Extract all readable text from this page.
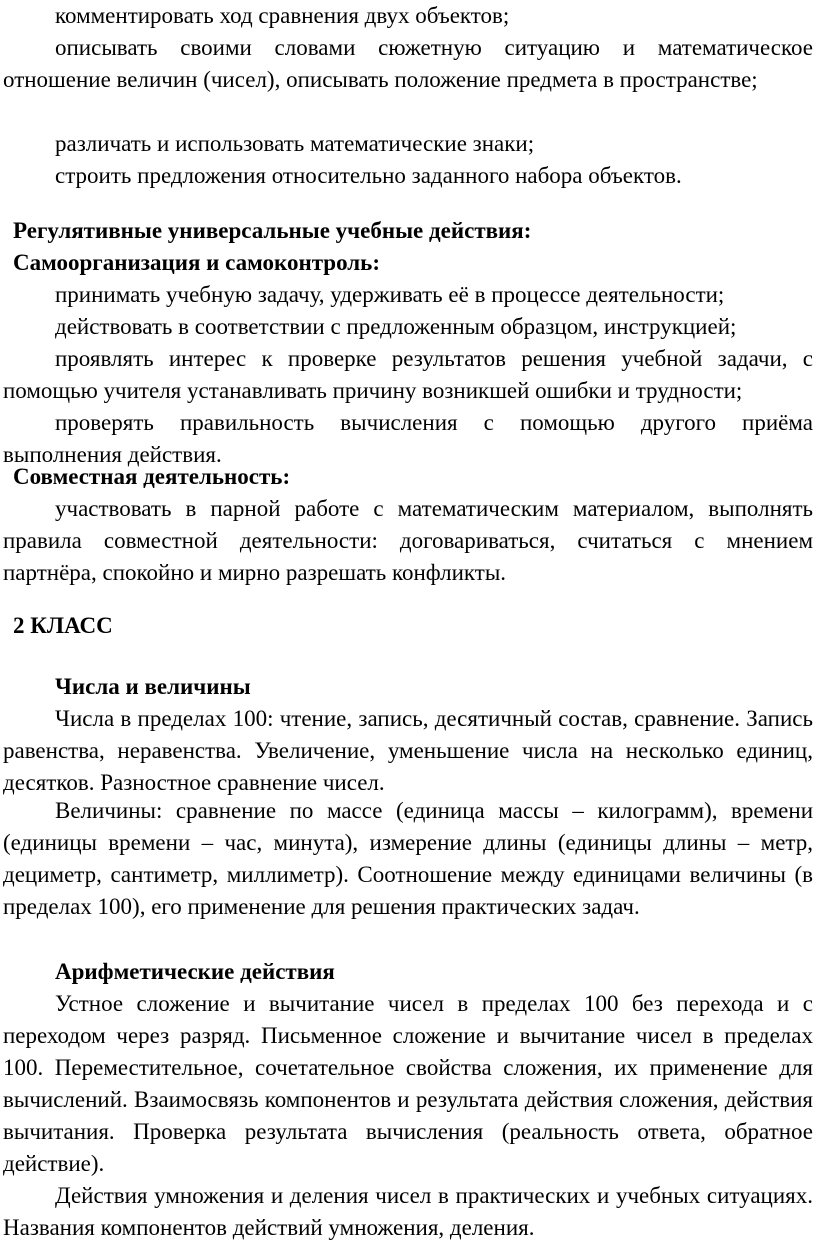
комментировать ход сравнения двух объектов;

описывать своими словами сюжетную ситуацию и математическое отношение величин (чисел), описывать положение предмета в пространстве;

различать и использовать математические знаки;

строить предложения относительно заданного набора объектов.

Регулятивные универсальные учебные действия:

Самоорганизация и самоконтроль:

принимать учебную задачу, удерживать её в процессе деятельности;

действовать в соответствии с предложенным образцом, инструкцией;

проявлять интерес к проверке результатов решения учебной задачи, с помощью учителя устанавливать причину возникшей ошибки и трудности;

проверять правильность вычисления с помощью другого приёма выполнения действия.

Совместная деятельность:

участвовать в парной работе с математическим материалом, выполнять правила совместной деятельности: договариваться, считаться с мнением партнёра, спокойно и мирно разрешать конфликты.

2 КЛАСС

Числа и величины

Числа в пределах 100: чтение, запись, десятичный состав, сравнение. Запись равенства, неравенства. Увеличение, уменьшение числа на несколько единиц, десятков. Разностное сравнение чисел.

Величины: сравнение по массе (единица массы – килограмм), времени (единицы времени – час, минута), измерение длины (единицы длины – метр, дециметр, сантиметр, миллиметр). Соотношение между единицами величины (в пределах 100), его применение для решения практических задач.

Арифметические действия

Устное сложение и вычитание чисел в пределах 100 без перехода и с переходом через разряд. Письменное сложение и вычитание чисел в пределах 100. Переместительное, сочетательное свойства сложения, их применение для вычислений. Взаимосвязь компонентов и результата действия сложения, действия вычитания. Проверка результата вычисления (реальность ответа, обратное действие).

Действия умножения и деления чисел в практических и учебных ситуациях. Названия компонентов действий умножения, деления.
